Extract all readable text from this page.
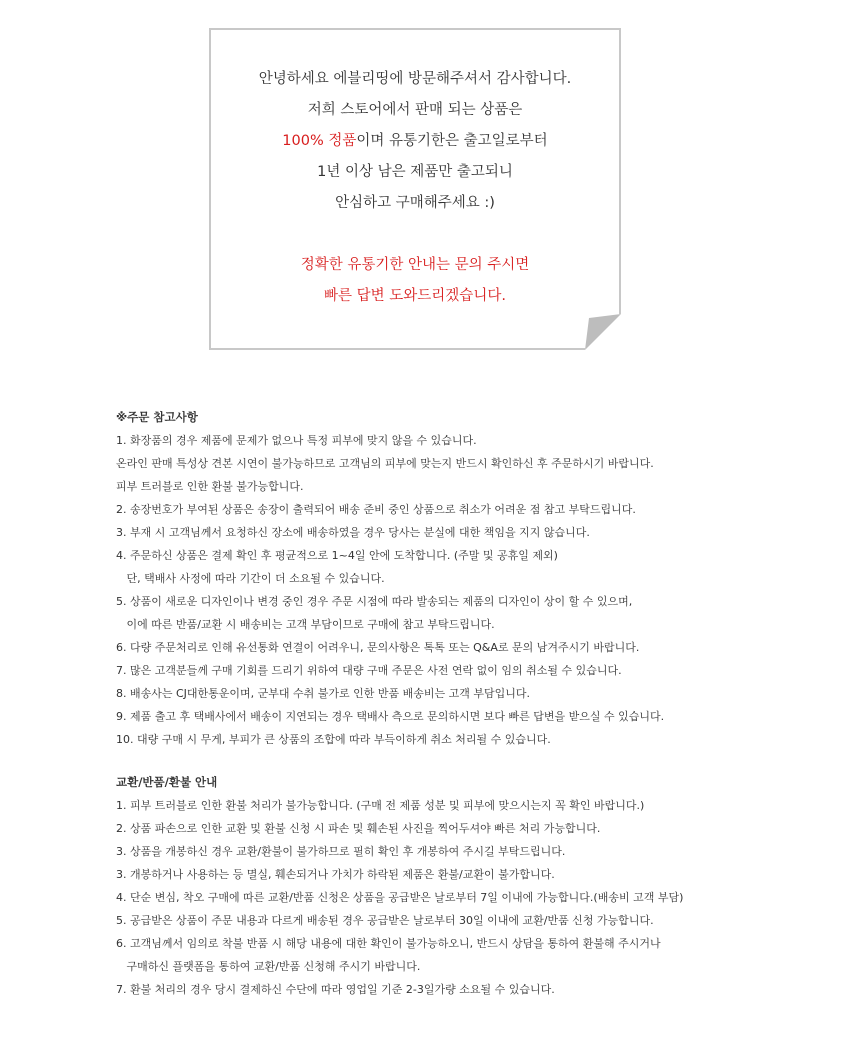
안녕하세요 에블리띵에 방문해주셔서 감사합니다.
저희 스토어에서 판매 되는 상품은
100% 정품이며 유통기한은 출고일로부터
1년 이상 남은 제품만 출고되니
안심하고 구매해주세요 :)
정확한 유통기한 안내는 문의 주시면
빠른 답변 도와드리겠습니다.
※주문 참고사항
1. 화장품의 경우 제품에 문제가 없으나 특정 피부에 맞지 않을 수 있습니다.
온라인 판매 특성상 견본 시연이 불가능하므로 고객님의 피부에 맞는지 반드시 확인하신 후 주문하시기 바랍니다.
피부 트러블로 인한 환불 불가능합니다.
2. 송장번호가 부여된 상품은 송장이 출력되어 배송 준비 중인 상품으로 취소가 어려운 점 참고 부탁드립니다.
3. 부재 시 고객님께서 요청하신 장소에 배송하였을 경우 당사는 분실에 대한 책임을 지지 않습니다.
4. 주문하신 상품은 결제 확인 후 평균적으로 1~4일 안에 도착합니다. (주말 및 공휴일 제외)
단, 택배사 사정에 따라 기간이 더 소요될 수 있습니다.
5. 상품이 새로운 디자인이나 변경 중인 경우 주문 시점에 따라 발송되는 제품의 디자인이 상이 할 수 있으며,
이에 따른 반품/교환 시 배송비는 고객 부담이므로 구매에 참고 부탁드립니다.
6. 다량 주문처리로 인해 유선통화 연결이 어려우니, 문의사항은 톡톡 또는 Q&A로 문의 남겨주시기 바랍니다.
7. 많은 고객분들께 구매 기회를 드리기 위하여 대량 구매 주문은 사전 연락 없이 임의 취소될 수 있습니다.
8. 배송사는 CJ대한통운이며, 군부대 수취 불가로 인한 반품 배송비는 고객 부담입니다.
9. 제품 출고 후 택배사에서 배송이 지연되는 경우 택배사 측으로 문의하시면 보다 빠른 답변을 받으실 수 있습니다.
10. 대량 구매 시 무게, 부피가 큰 상품의 조합에 따라 부득이하게 취소 처리될 수 있습니다.
교환/반품/환불 안내
1. 피부 트러블로 인한 환불 처리가 불가능합니다. (구매 전 제품 성분 및 피부에 맞으시는지 꼭 확인 바랍니다.)
2. 상품 파손으로 인한 교환 및 환불 신청 시 파손 및 훼손된 사진을 찍어두셔야 빠른 처리 가능합니다.
3. 상품을 개봉하신 경우 교환/환불이 불가하므로 필히 확인 후 개봉하여 주시길 부탁드립니다.
3. 개봉하거나 사용하는 등 멸실, 훼손되거나 가치가 하락된 제품은 환불/교환이 불가합니다.
4. 단순 변심, 착오 구매에 따른 교환/반품 신청은 상품을 공급받은 날로부터 7일 이내에 가능합니다.(배송비 고객 부담)
5. 공급받은 상품이 주문 내용과 다르게 배송된 경우 공급받은 날로부터 30일 이내에 교환/반품 신청 가능합니다.
6. 고객님께서 임의로 착불 반품 시 해당 내용에 대한 확인이 불가능하오니, 반드시 상담을 통하여 환불해 주시거나
구매하신 플랫폼을 통하여 교환/반품 신청해 주시기 바랍니다.
7. 환불 처리의 경우 당시 결제하신 수단에 따라 영업일 기준 2-3일가량 소요될 수 있습니다.
